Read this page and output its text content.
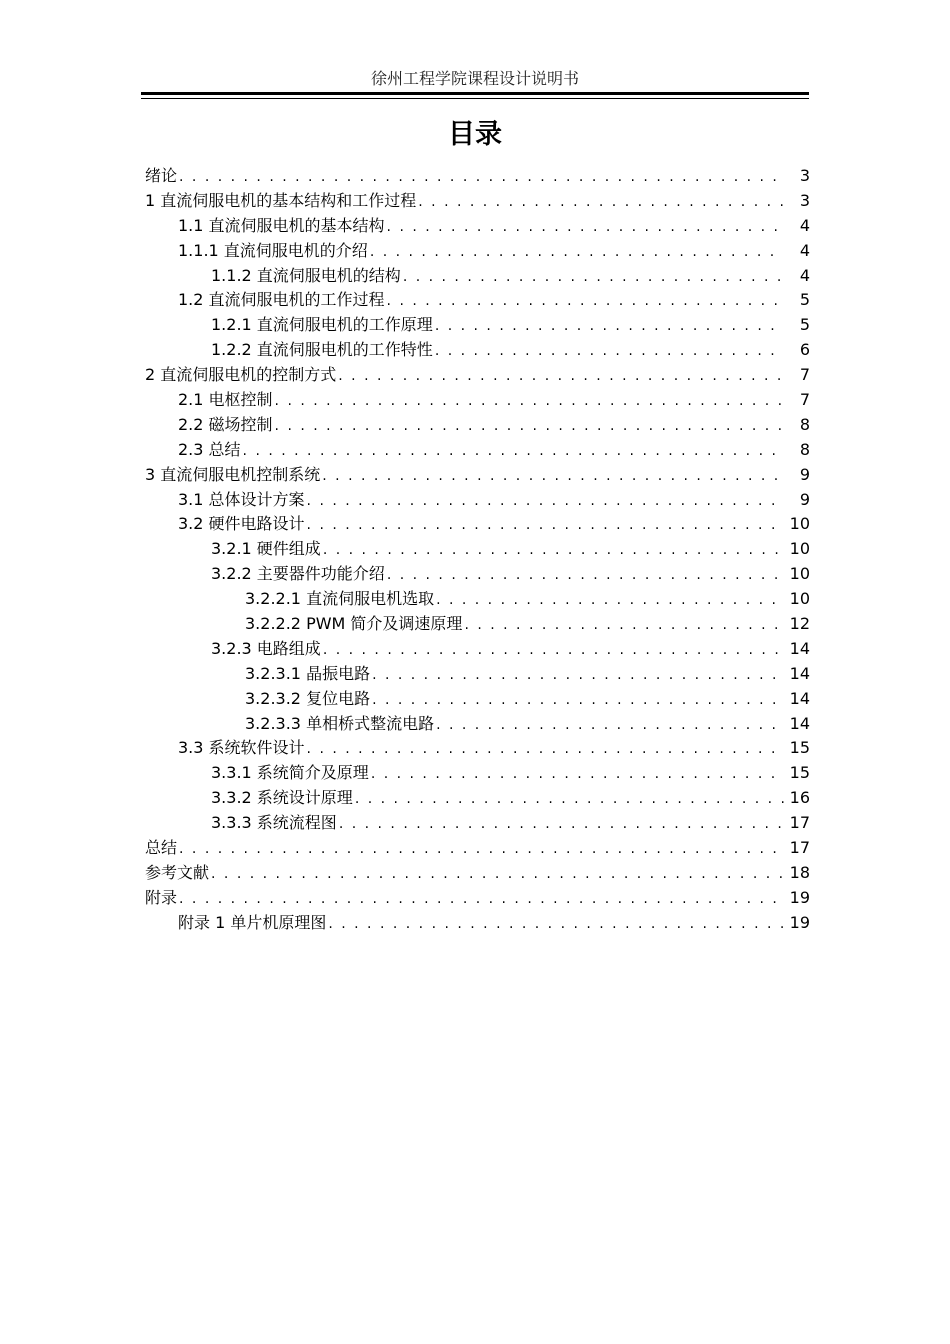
徐州工程学院课程设计说明书
目录
绪论 . . .	3
1 直流伺服电机的基本结构和工作过程 . . .	3
1.1 直流伺服电机的基本结构 . . .	4
1.1.1 直流伺服电机的介绍 . . .	4
1.1.2 直流伺服电机的结构 . . .	4
1.2 直流伺服电机的工作过程 . . .	5
1.2.1 直流伺服电机的工作原理 . . .	5
1.2.2 直流伺服电机的工作特性 . . .	6
2 直流伺服电机的控制方式 . . .	7
2.1 电枢控制 . . .	7
2.2 磁场控制 . . .	8
2.3 总结 . . .	8
3 直流伺服电机控制系统 . . .	9
3.1 总体设计方案 . . .	9
3.2 硬件电路设计 . . .	10
3.2.1 硬件组成 . . .	10
3.2.2 主要器件功能介绍 . . .	10
3.2.2.1 直流伺服电机选取 . . .	10
3.2.2.2 PWM 简介及调速原理 . . .	12
3.2.3 电路组成 . . .	14
3.2.3.1 晶振电路 . . .	14
3.2.3.2 复位电路 . . .	14
3.2.3.3 单相桥式整流电路 . . .	14
3.3 系统软件设计 . . .	15
3.3.1 系统简介及原理 . . .	15
3.3.2 系统设计原理 . . .	16
3.3.3 系统流程图 . . .	17
总结 . . .	17
参考文献 . . .	18
附录 . . .	19
附录 1 单片机原理图 . . .	19
